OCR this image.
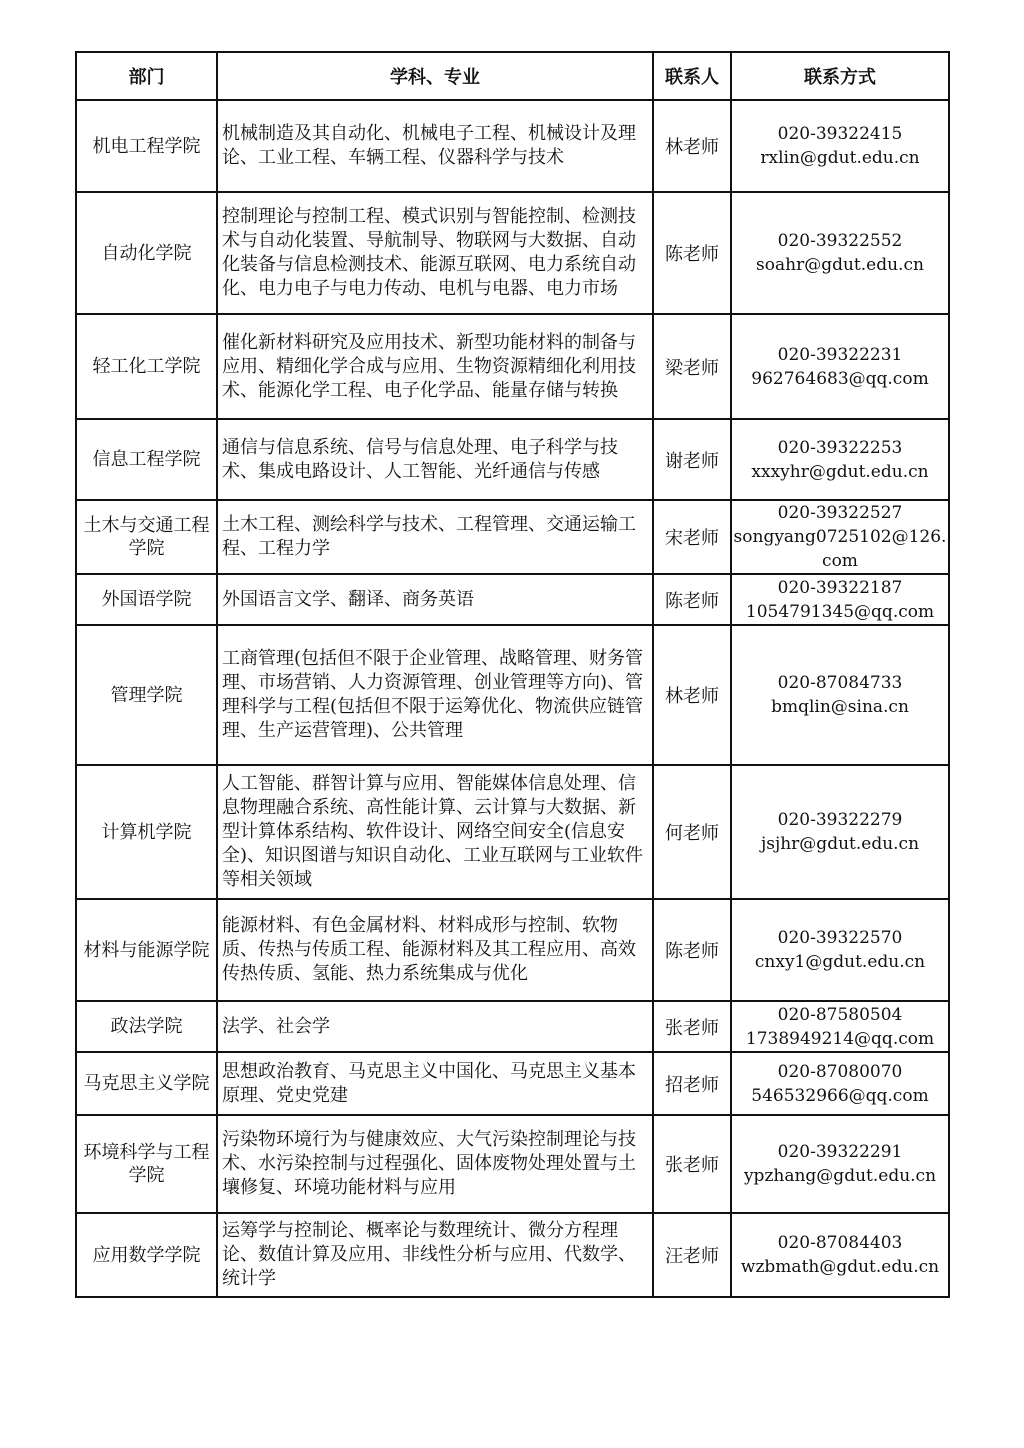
部门	学科、专业	联系人	联系方式
机电工程学院	机械制造及其自动化、机械电子工程、机械设计及理论、工业工程、车辆工程、仪器科学与技术	林老师	020-39322415
rxlin@gdut.edu.cn

自动化学院	控制理论与控制工程、模式识别与智能控制、检测技术与自动化装置、导航制导、物联网与大数据、自动化装备与信息检测技术、能源互联网、电力系统自动化、电力电子与电力传动、电机与电器、电力市场	陈老师	020-39322552
soahr@gdut.edu.cn

轻工化工学院	催化新材料研究及应用技术、新型功能材料的制备与应用、精细化学合成与应用、生物资源精细化利用技术、能源化学工程、电子化学品、能量存储与转换	梁老师	020-39322231
962764683@qq.com

信息工程学院	通信与信息系统、信号与信息处理、电子科学与技术、集成电路设计、人工智能、光纤通信与传感	谢老师	020-39322253
xxxyhr@gdut.edu.cn

土木与交通工程学院	土木工程、测绘科学与技术、工程管理、交通运输工程、工程力学	宋老师	020-39322527
songyang0725102@126.com

外国语学院	外国语言文学、翻译、商务英语	陈老师	020-39322187
1054791345@qq.com

管理学院	工商管理(包括但不限于企业管理、战略管理、财务管理、市场营销、人力资源管理、创业管理等方向)、管理科学与工程(包括但不限于运筹优化、物流供应链管理、生产运营管理)、公共管理	林老师	020-87084733
bmqlin@sina.cn

计算机学院	人工智能、群智计算与应用、智能媒体信息处理、信息物理融合系统、高性能计算、云计算与大数据、新型计算体系结构、软件设计、网络空间安全(信息安全)、知识图谱与知识自动化、工业互联网与工业软件等相关领域	何老师	020-39322279
jsjhr@gdut.edu.cn

材料与能源学院	能源材料、有色金属材料、材料成形与控制、软物质、传热与传质工程、能源材料及其工程应用、高效传热传质、氢能、热力系统集成与优化	陈老师	020-39322570
cnxy1@gdut.edu.cn

政法学院	法学、社会学	张老师	020-87580504
1738949214@qq.com

马克思主义学院	思想政治教育、马克思主义中国化、马克思主义基本原理、党史党建	招老师	020-87080070
546532966@qq.com

环境科学与工程学院	污染物环境行为与健康效应、大气污染控制理论与技术、水污染控制与过程强化、固体废物处理处置与土壤修复、环境功能材料与应用	张老师	020-39322291
ypzhang@gdut.edu.cn

应用数学学院	运筹学与控制论、概率论与数理统计、微分方程理论、数值计算及应用、非线性分析与应用、代数学、统计学	汪老师	020-87084403
wzbmath@gdut.edu.cn
